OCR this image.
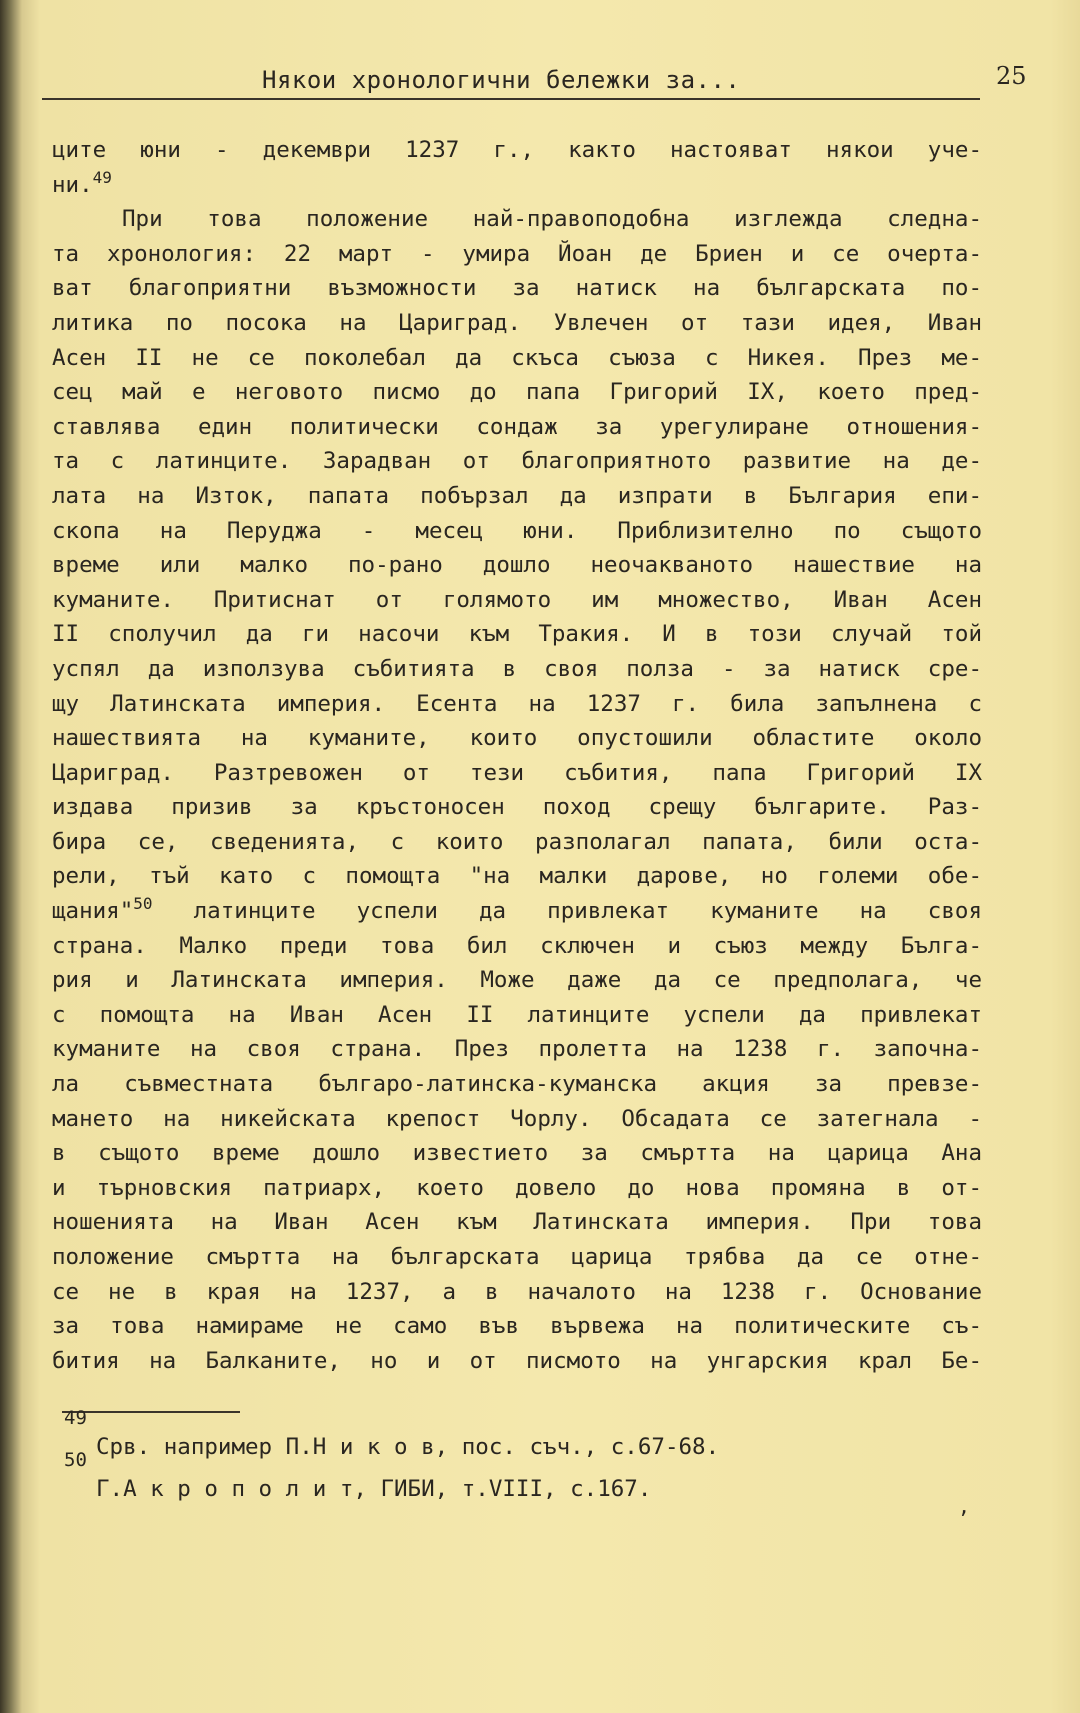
Някои хронологични бележки за...	25
ците юни - декември 1237 г., както настояват някои уче-
ни.$^{49}$
При това положение най-правоподобна изглежда следна-
та хронология: 22 март - умира Йоан де Бриен и се очерта-
ват благоприятни възможности за натиск на българската по-
литика по посока на Цариград. Увлечен от тази идея, Иван
Асен II не се поколебал да скъса съюза с Никея. През ме-
сец май е неговото писмо до папа Григорий IX, което пред-
ставлява един политически сондаж за урегулиране отношения-
та с латинците. Зарадван от благоприятното развитие на де-
лата на Изток, папата побързал да изпрати в България епи-
скопа на Перуджа - месец юни. Приблизително по същото
време или малко по-рано дошло неочакваното нашествие на
куманите. Притиснат от голямото им множество, Иван Асен
II сполучил да ги насочи към Тракия. И в този случай той
успял да използува събитията в своя полза - за натиск сре-
щу Латинската империя. Есента на 1237 г. била запълнена с
нашествията на куманите, които опустошили областите около
Цариград. Разтревожен от тези събития, папа Григорий IX
издава призив за кръстоносен поход срещу българите. Раз-
бира се, сведенията, с които разполагал папата, били оста-
рели, тъй като с помощта "на малки дарове, но големи обе-
щания"$^{50}$ латинците успели да привлекат куманите на своя
страна. Малко преди това бил сключен и съюз между Бълга-
рия и Латинската империя. Може даже да се предполага, че
с помощта на Иван Асен II латинците успели да привлекат
куманите на своя страна. През пролетта на 1238 г. започна-
ла съвместната българо-латинска-куманска акция за превзе-
мането на никейската крепост Чорлу. Обсадата се затегнала -
в същото време дошло известието за смъртта на царица Ана
и търновския патриарх, което довело до нова промяна в от-
ношенията на Иван Асен към Латинската империя. При това
положение смъртта на българската царица трябва да се отне-
се не в края на 1237, а в началото на 1238 г. Основание
за това намираме не само във вървежа на политическите съ-
бития на Балканите, но и от писмото на унгарския крал Бе-
49
Срв. например П.Н и к о в, пос. съч., с.67-68.
50
Г.А к р о п о л и т, ГИБИ, т.VIII, с.167.
,
